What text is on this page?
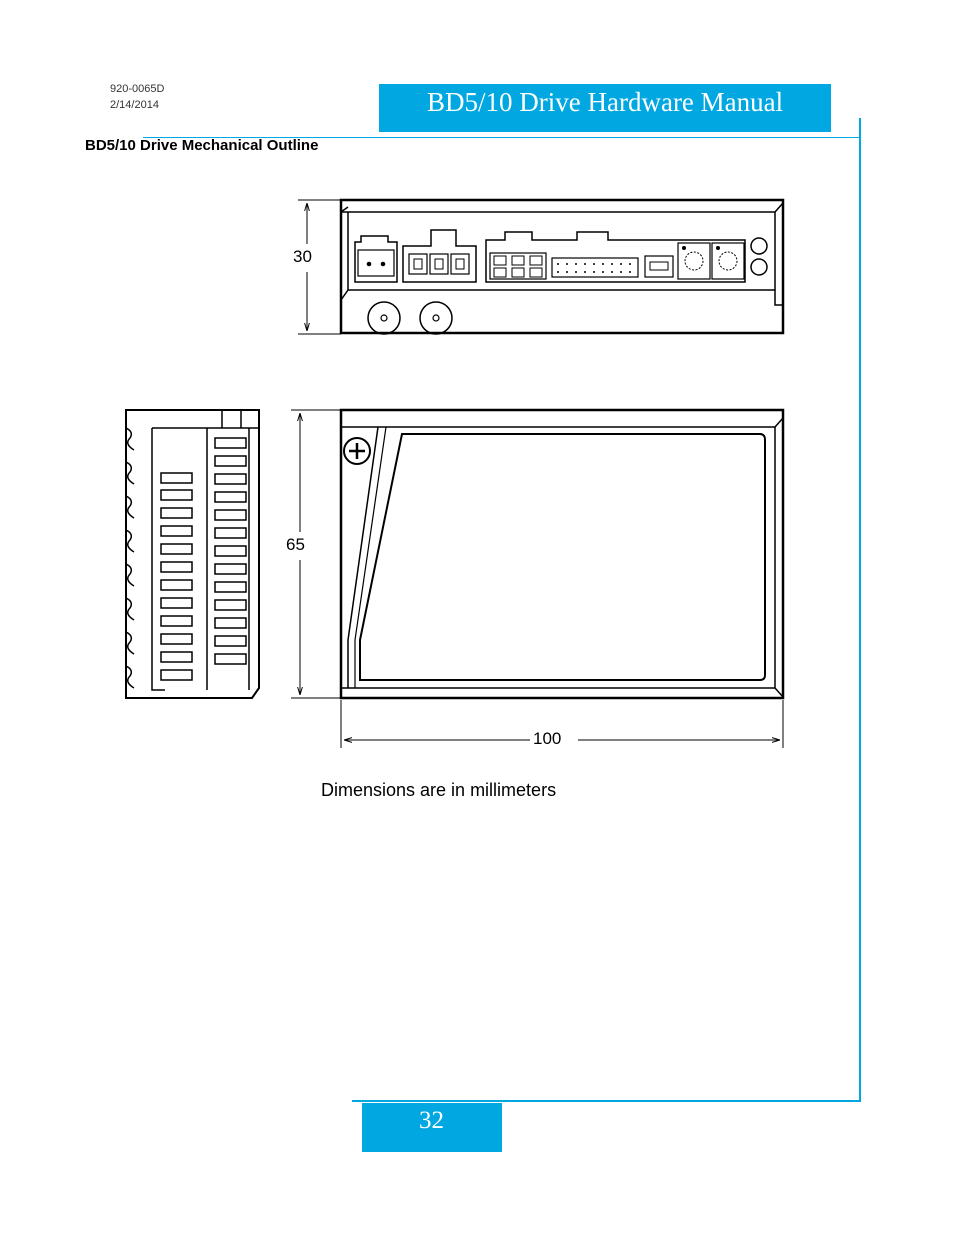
920-0065D
2/14/2014	BD5/10 Drive Hardware Manual
BD5/10 Drive Mechanical Outline
30
65
100
Dimensions are in millimeters
32
